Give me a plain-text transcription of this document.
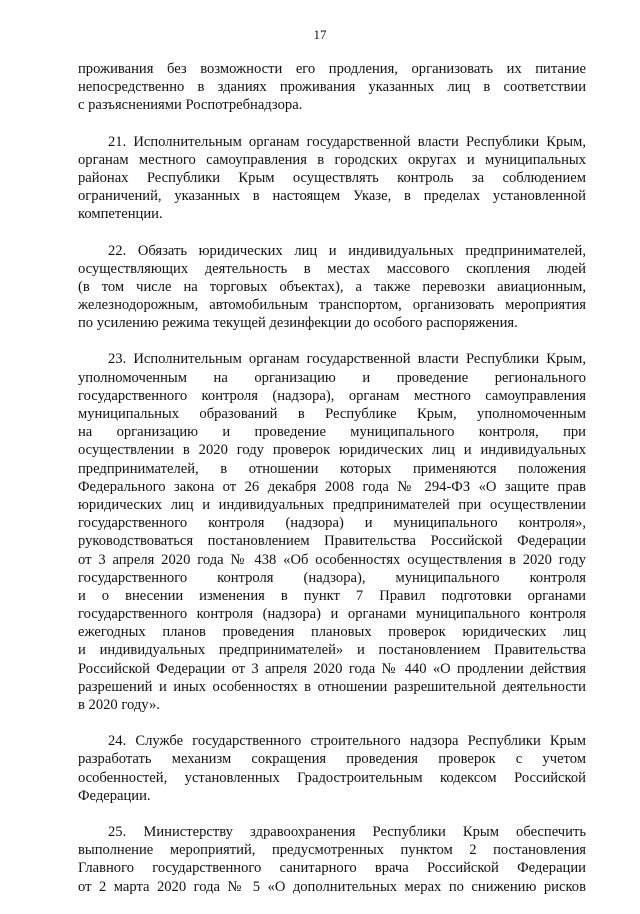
17
проживания без возможности его продления, организовать их питание
непосредственно в зданиях проживания указанных лиц в соответствии
с разъяснениями Роспотребнадзора.
21. Исполнительным органам государственной власти Республики Крым,
органам местного самоуправления в городских округах и муниципальных
районах Республики Крым осуществлять контроль за соблюдением
ограничений, указанных в настоящем Указе, в пределах установленной
компетенции.
22. Обязать юридических лиц и индивидуальных предпринимателей,
осуществляющих деятельность в местах массового скопления людей
(в том числе на торговых объектах), а также перевозки авиационным,
железнодорожным, автомобильным транспортом, организовать мероприятия
по усилению режима текущей дезинфекции до особого распоряжения.
23. Исполнительным органам государственной власти Республики Крым,
уполномоченным на организацию и проведение регионального
государственного контроля (надзора), органам местного самоуправления
муниципальных образований в Республике Крым, уполномоченным
на организацию и проведение муниципального контроля, при
осуществлении в 2020 году проверок юридических лиц и индивидуальных
предпринимателей, в отношении которых применяются положения
Федерального закона от 26 декабря 2008 года № 294-ФЗ «О защите прав
юридических лиц и индивидуальных предпринимателей при осуществлении
государственного контроля (надзора) и муниципального контроля»,
руководствоваться постановлением Правительства Российской Федерации
от 3 апреля 2020 года № 438 «Об особенностях осуществления в 2020 году
государственного контроля (надзора), муниципального контроля
и о внесении изменения в пункт 7 Правил подготовки органами
государственного контроля (надзора) и органами муниципального контроля
ежегодных планов проведения плановых проверок юридических лиц
и индивидуальных предпринимателей» и постановлением Правительства
Российской Федерации от 3 апреля 2020 года № 440 «О продлении действия
разрешений и иных особенностях в отношении разрешительной деятельности
в 2020 году».
24. Службе государственного строительного надзора Республики Крым
разработать механизм сокращения проведения проверок с учетом
особенностей, установленных Градостроительным кодексом Российской
Федерации.
25. Министерству здравоохранения Республики Крым обеспечить
выполнение мероприятий, предусмотренных пунктом 2 постановления
Главного государственного санитарного врача Российской Федерации
от 2 марта 2020 года № 5 «О дополнительных мерах по снижению рисков
